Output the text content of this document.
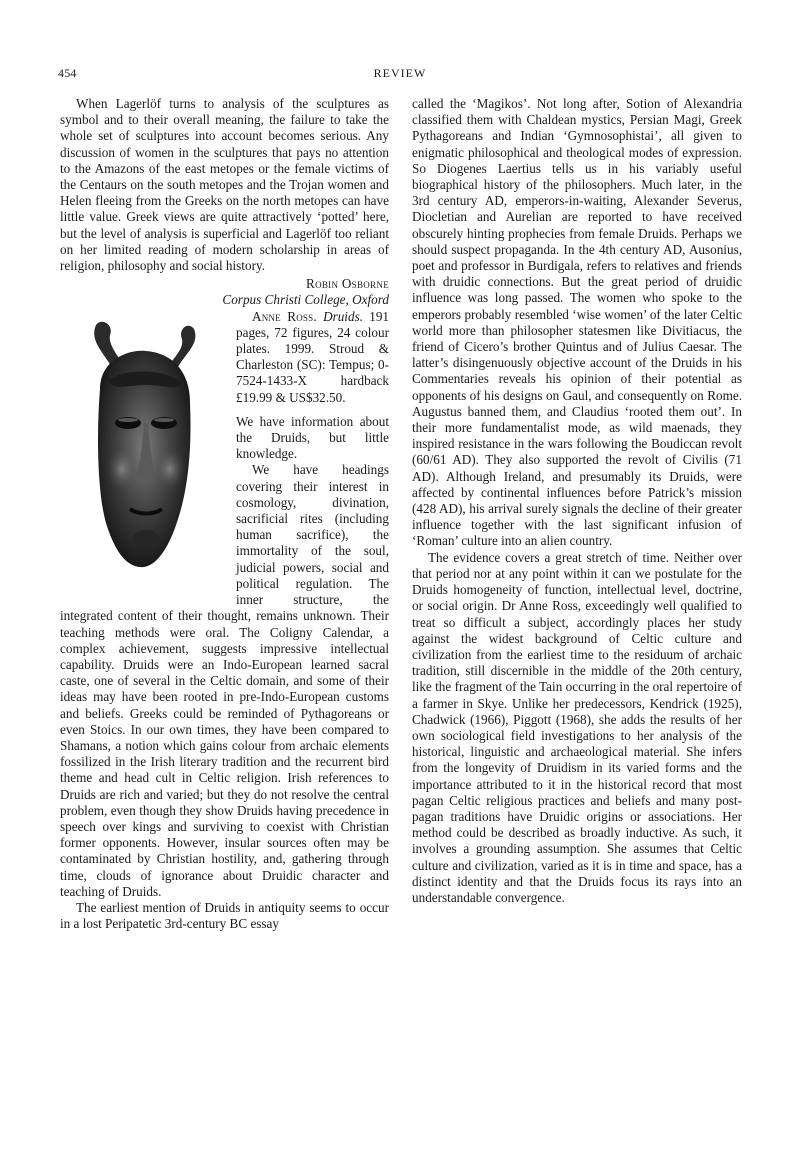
454	REVIEW

When Lagerlöf turns to analysis of the sculptures as symbol and to their overall meaning, the failure to take the whole set of sculptures into account becomes serious. Any discussion of women in the sculptures that pays no attention to the Amazons of the east metopes or the female victims of the Centaurs on the south metopes and the Trojan women and Helen fleeing from the Greeks on the north metopes can have little value. Greek views are quite attractively ‘potted’ here, but the level of analysis is superficial and Lagerlöf too reliant on her limited reading of modern scholarship in areas of religion, philosophy and social history.

Robin Osborne
Corpus Christi College, Oxford

Anne Ross. Druids. 191 pages, 72 figures, 24 colour plates. 1999. Stroud & Charleston (SC): Tempus; 0-7524-1433-X hardback £19.99 & US$32.50.

We have information about the Druids, but little knowledge.

We have headings covering their interest in cosmology, divination, sacrificial rites (including human sacrifice), the immortality of the soul, judicial powers, social and political regulation. The inner structure, the integrated content of their thought, remains unknown. Their teaching methods were oral. The Coligny Calendar, a complex achievement, suggests impressive intellectual capability. Druids were an Indo-European learned sacral caste, one of several in the Celtic domain, and some of their ideas may have been rooted in pre-Indo-European customs and beliefs. Greeks could be reminded of Pythagoreans or even Stoics. In our own times, they have been compared to Shamans, a notion which gains colour from archaic elements fossilized in the Irish literary tradition and the recurrent bird theme and head cult in Celtic religion. Irish references to Druids are rich and varied; but they do not resolve the central problem, even though they show Druids having precedence in speech over kings and surviving to coexist with Christian former opponents. However, insular sources often may be contaminated by Christian hostility, and, gathering through time, clouds of ignorance about Druidic character and teaching of Druids.

The earliest mention of Druids in antiquity seems to occur in a lost Peripatetic 3rd-century BC essay

called the ‘Magikos’. Not long after, Sotion of Alexandria classified them with Chaldean mystics, Persian Magi, Greek Pythagoreans and Indian ‘Gymnosophistai’, all given to enigmatic philosophical and theological modes of expression. So Diogenes Laertius tells us in his variably useful biographical history of the philosophers. Much later, in the 3rd century AD, emperors-in-waiting, Alexander Severus, Diocletian and Aurelian are reported to have received obscurely hinting prophecies from female Druids. Perhaps we should suspect propaganda. In the 4th century AD, Ausonius, poet and professor in Burdigala, refers to relatives and friends with druidic connections. But the great period of druidic influence was long passed. The women who spoke to the emperors probably resembled ‘wise women’ of the later Celtic world more than philosopher statesmen like Divitiacus, the friend of Cicero’s brother Quintus and of Julius Caesar. The latter’s disingenuously objective account of the Druids in his Commentaries reveals his opinion of their potential as opponents of his designs on Gaul, and consequently on Rome. Augustus banned them, and Claudius ‘rooted them out’. In their more fundamentalist mode, as wild maenads, they inspired resistance in the wars following the Boudiccan revolt (60/61 AD). They also supported the revolt of Civilis (71 AD). Although Ireland, and presumably its Druids, were affected by continental influences before Patrick’s mission (428 AD), his arrival surely signals the decline of their greater influence together with the last significant infusion of ‘Roman’ culture into an alien country.

The evidence covers a great stretch of time. Neither over that period nor at any point within it can we postulate for the Druids homogeneity of function, intellectual level, doctrine, or social origin. Dr Anne Ross, exceedingly well qualified to treat so difficult a subject, accordingly places her study against the widest background of Celtic culture and civilization from the earliest time to the residuum of archaic tradition, still discernible in the middle of the 20th century, like the fragment of the Tain occurring in the oral repertoire of a farmer in Skye. Unlike her predecessors, Kendrick (1925), Chadwick (1966), Piggott (1968), she adds the results of her own sociological field investigations to her analysis of the historical, linguistic and archaeological material. She infers from the longevity of Druidism in its varied forms and the importance attributed to it in the historical record that most pagan Celtic religious practices and beliefs and many post-pagan traditions have Druidic origins or associations. Her method could be described as broadly inductive. As such, it involves a grounding assumption. She assumes that Celtic culture and civilization, varied as it is in time and space, has a distinct identity and that the Druids focus its rays into an understandable convergence.
